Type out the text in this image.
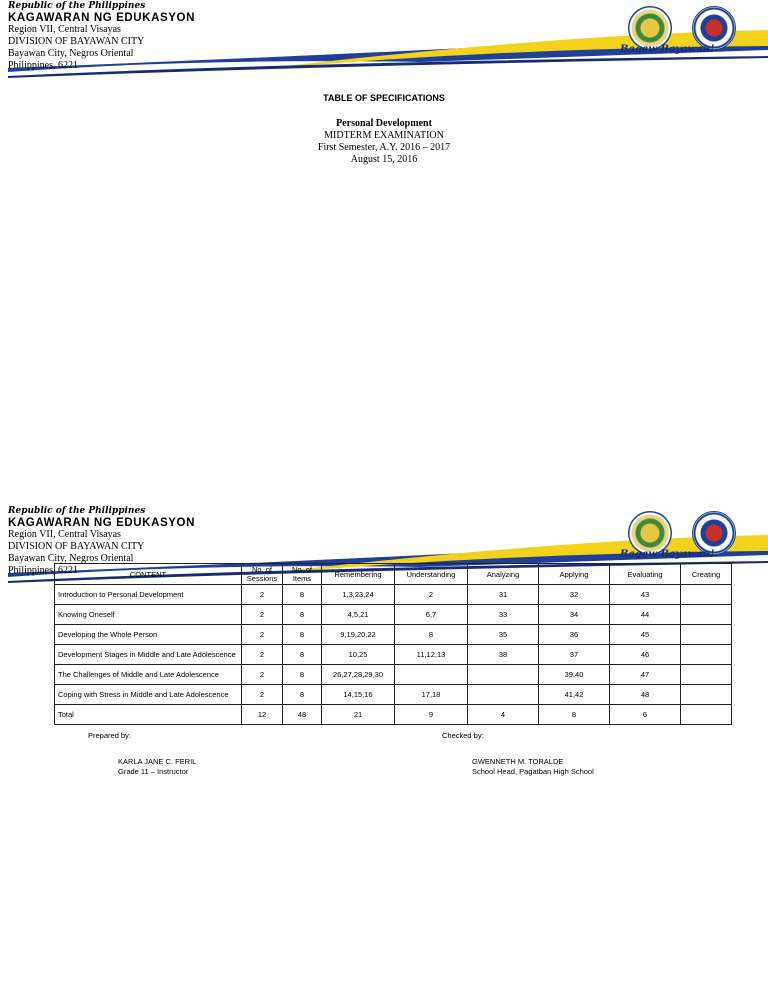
Republic of the Philippines
KAGAWARAN NG EDUKASYON
Region VII, Central Visayas
DIVISION OF BAYAWAN CITY
Bayawan City, Negros Oriental
Philippines, 6221
Bagaw Bayawan!
TABLE OF SPECIFICATIONS
Personal Development
MIDTERM EXAMINATION
First Semester, A.Y. 2016 – 2017
August 15, 2016
Republic of the Philippines
KAGAWARAN NG EDUKASYON
Region VII, Central Visayas
DIVISION OF BAYAWAN CITY
Bayawan City, Negros Oriental
Philippines, 6221
Bagaw Bayawan!
CONTENT	No. of Sessions	No. of Items	Remembering	Understanding	Analyzing	Applying	Evaluating	Creating
Introduction to Personal Development	2	8	1,3,23,24	2	31	32	43	
Knowing Oneself	2	8	4,5,21	6,7	33	34	44	
Developing the Whole Person	2	8	9,19,20,22	8	35	36	45	
Development Stages in Middle and Late Adolescence	2	8	10,25	11,12,13	38	37	46	
The Challenges of Middle and Late Adolescence	2	8	26,27,28,29,30			39,40	47	
Coping with Stress in Middle and Late Adolescence	2	8	14,15,16	17,18		41,42	48	
Total	12	48	21	9	4	8	6	
Prepared by:
KARLA JANE C. FERIL
Grade 11 – Instructor
Checked by:
GWENNETH M. TORALDE
School Head, Pagatban High School
